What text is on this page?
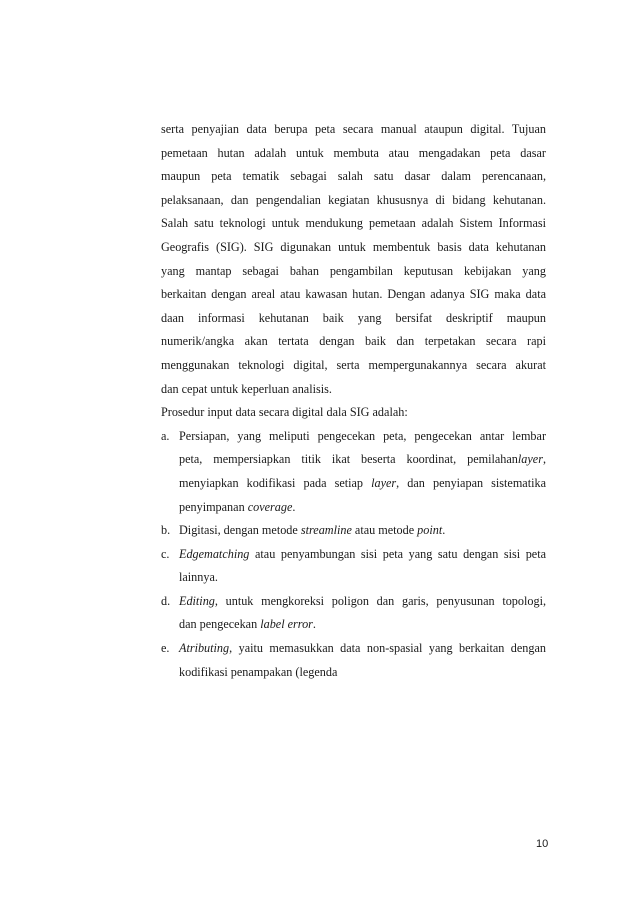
serta penyajian data berupa peta secara manual ataupun digital. Tujuan
pemetaan hutan adalah untuk membuta atau mengadakan peta dasar
maupun peta tematik sebagai salah satu dasar dalam perencanaan,
pelaksanaan, dan pengendalian kegiatan khususnya di bidang kehutanan.
Salah satu teknologi untuk mendukung pemetaan adalah Sistem Informasi
Geografis (SIG). SIG digunakan untuk membentuk basis data kehutanan
yang mantap sebagai bahan pengambilan keputusan kebijakan yang
berkaitan dengan areal atau kawasan hutan. Dengan adanya SIG maka data
daan informasi kehutanan baik yang bersifat deskriptif maupun
numerik/angka akan tertata dengan baik dan terpetakan secara rapi
menggunakan teknologi digital, serta mempergunakannya secara akurat
dan cepat untuk keperluan analisis.
Prosedur input data secara digital dala SIG adalah:
a. Persiapan, yang meliputi pengecekan peta, pengecekan antar lembar
peta, mempersiapkan titik ikat beserta koordinat, pemilahanlayer,
menyiapkan kodifikasi pada setiap layer, dan penyiapan sistematika
penyimpanan coverage.
b. Digitasi, dengan metode streamline atau metode point.
c. Edgematching atau penyambungan sisi peta yang satu dengan sisi peta
lainnya.
d. Editing, untuk mengkoreksi poligon dan garis, penyusunan topologi,
dan pengecekan label error.
e. Atributing, yaitu memasukkan data non-spasial yang berkaitan dengan
kodifikasi penampakan (legenda
10
